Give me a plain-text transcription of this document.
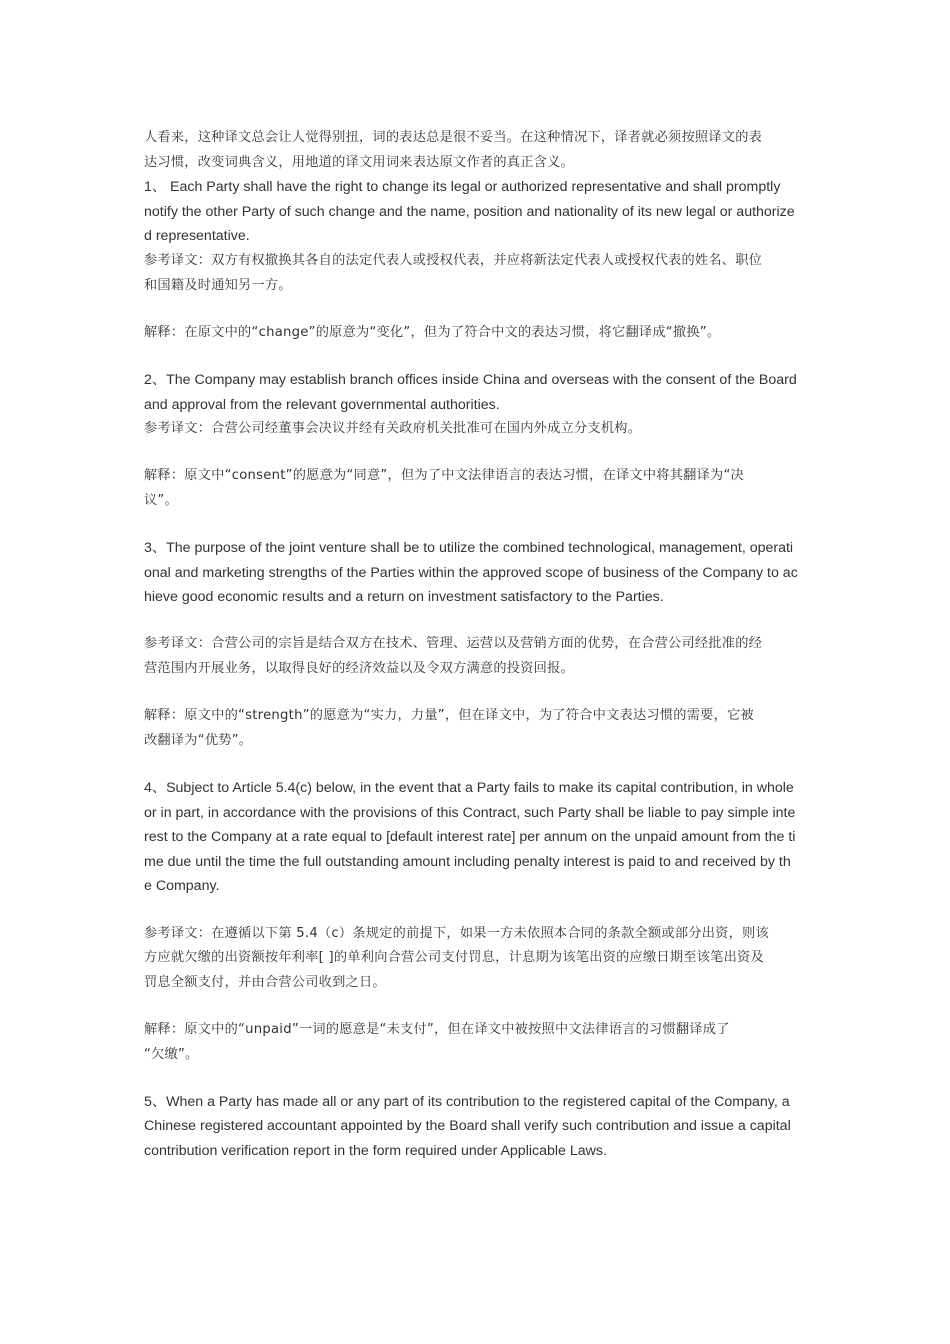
人看来，这种译文总会让人觉得别扭，词的表达总是很不妥当。在这种情况下，译者就必须按照译文的表
达习惯，改变词典含义，用地道的译文用词来表达原文作者的真正含义。
1、 Each Party shall have the right to change its legal or authorized representative and shall promptly
notify the other Party of such change and the name, position and nationality of its new legal or authorize
d representative.
参考译文：双方有权撤换其各自的法定代表人或授权代表，并应将新法定代表人或授权代表的姓名、职位
和国籍及时通知另一方。
解释：在原文中的“change”的原意为“变化”，但为了符合中文的表达习惯，将它翻译成“撤换”。
2、The Company may establish branch offices inside China and overseas with the consent of the Board
and approval from the relevant governmental authorities.
参考译文：合营公司经董事会决议并经有关政府机关批准可在国内外成立分支机构。
解释：原文中“consent”的愿意为“同意”，但为了中文法律语言的表达习惯，在译文中将其翻译为“决
议”。
3、The purpose of the joint venture shall be to utilize the combined technological, management, operati
onal and marketing strengths of the Parties within the approved scope of business of the Company to ac
hieve good economic results and a return on investment satisfactory to the Parties.
参考译文：合营公司的宗旨是结合双方在技术、管理、运营以及营销方面的优势，在合营公司经批准的经
营范围内开展业务，以取得良好的经济效益以及令双方满意的投资回报。
解释：原文中的“strength”的愿意为“实力，力量”，但在译文中，为了符合中文表达习惯的需要，它被
改翻译为“优势”。
4、Subject to Article 5.4(c) below, in the event that a Party fails to make its capital contribution, in whole
or in part, in accordance with the provisions of this Contract, such Party shall be liable to pay simple inte
rest to the Company at a rate equal to [default interest rate] per annum on the unpaid amount from the ti
me due until the time the full outstanding amount including penalty interest is paid to and received by th
e Company.
参考译文：在遵循以下第 5.4（c）条规定的前提下，如果一方未依照本合同的条款全额或部分出资，则该
方应就欠缴的出资额按年利率[ ]的单利向合营公司支付罚息，计息期为该笔出资的应缴日期至该笔出资及
罚息全额支付，并由合营公司收到之日。
解释：原文中的“unpaid”一词的愿意是“未支付”，但在译文中被按照中文法律语言的习惯翻译成了
“欠缴”。
5、When a Party has made all or any part of its contribution to the registered capital of the Company, a
Chinese registered accountant appointed by the Board shall verify such contribution and issue a capital
contribution verification report in the form required under Applicable Laws.
